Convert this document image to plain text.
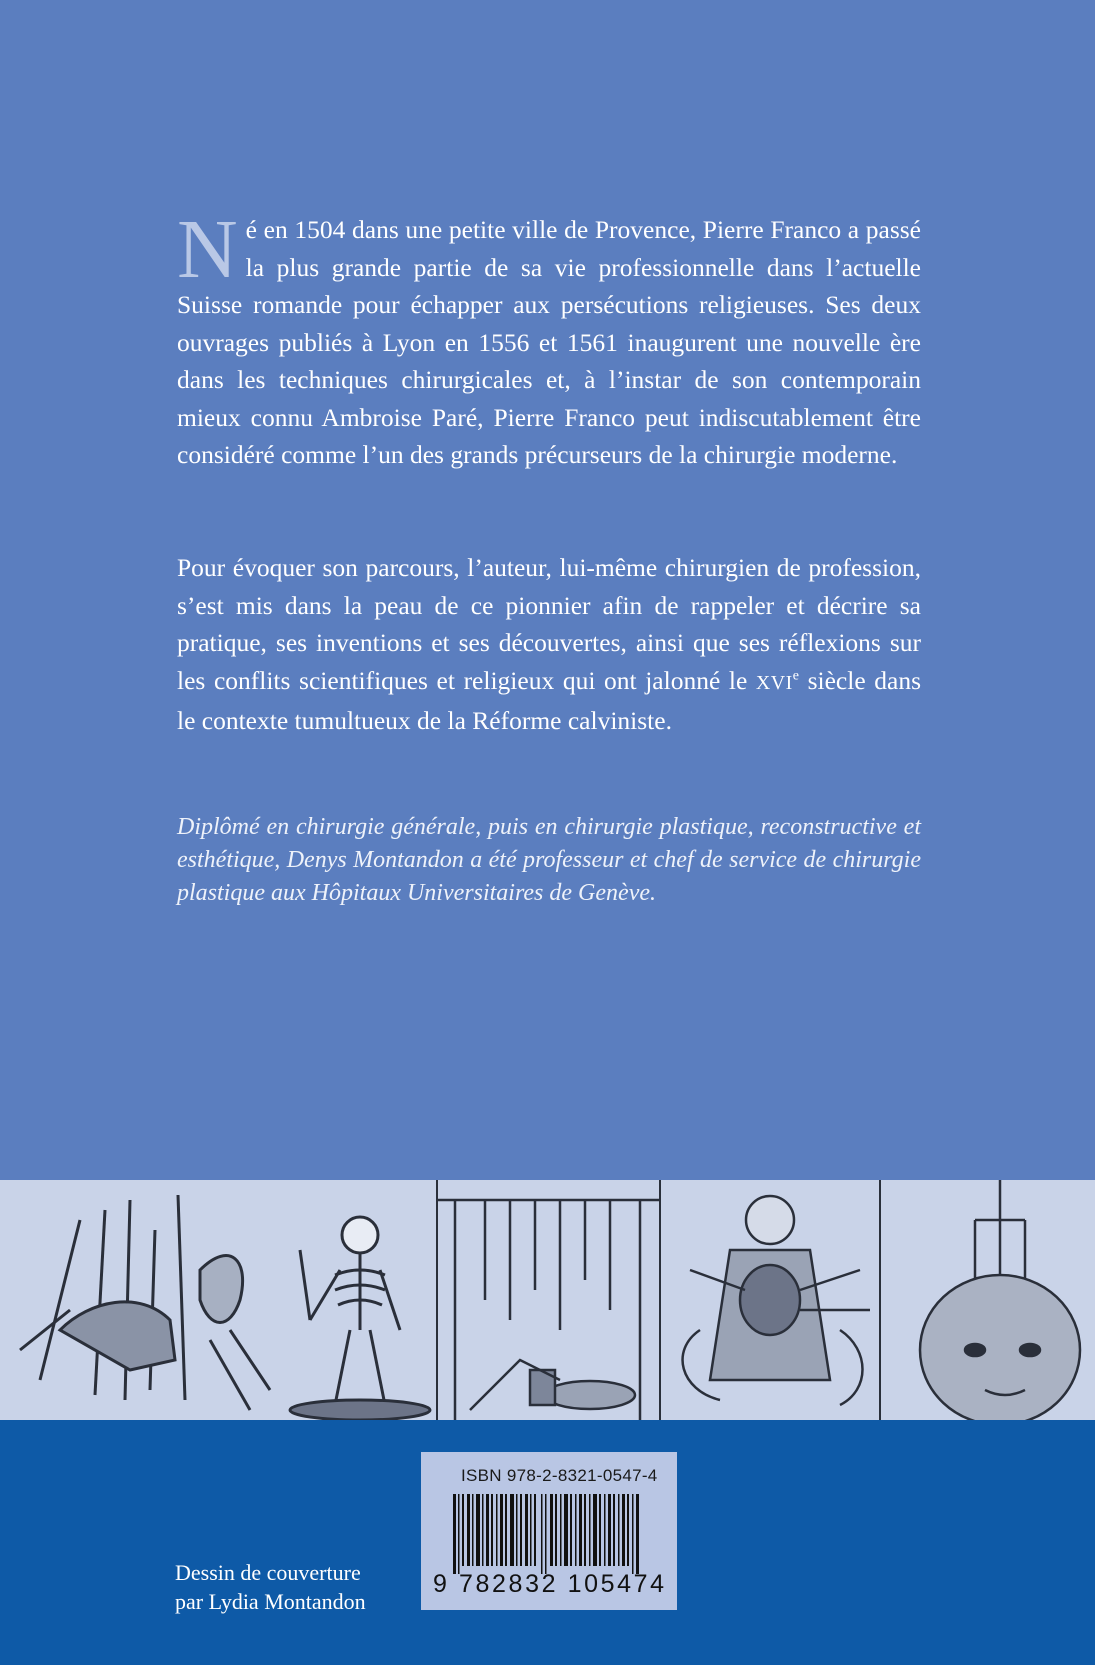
Né en 1504 dans une petite ville de Provence, Pierre Franco a passé la plus grande partie de sa vie professionnelle dans l’actuelle Suisse romande pour échapper aux persécutions religieuses. Ses deux ouvrages publiés à Lyon en 1556 et 1561 inaugurent une nouvelle ère dans les techniques chirurgicales et, à l’instar de son contemporain mieux connu Ambroise Paré, Pierre Franco peut indiscutablement être considéré comme l’un des grands précurseurs de la chirurgie moderne.
Pour évoquer son parcours, l’auteur, lui-même chirurgien de profession, s’est mis dans la peau de ce pionnier afin de rappeler et décrire sa pratique, ses inventions et ses découvertes, ainsi que ses réflexions sur les conflits scientifiques et religieux qui ont jalonné le XVIe siècle dans le contexte tumultueux de la Réforme calviniste.
Diplômé en chirurgie générale, puis en chirurgie plastique, reconstructive et esthétique, Denys Montandon a été professeur et chef de service de chirurgie plastique aux Hôpitaux Universitaires de Genève.
ISBN 978-2-8321-0547-4
9 782832 105474
Dessin de couverture
par Lydia Montandon
